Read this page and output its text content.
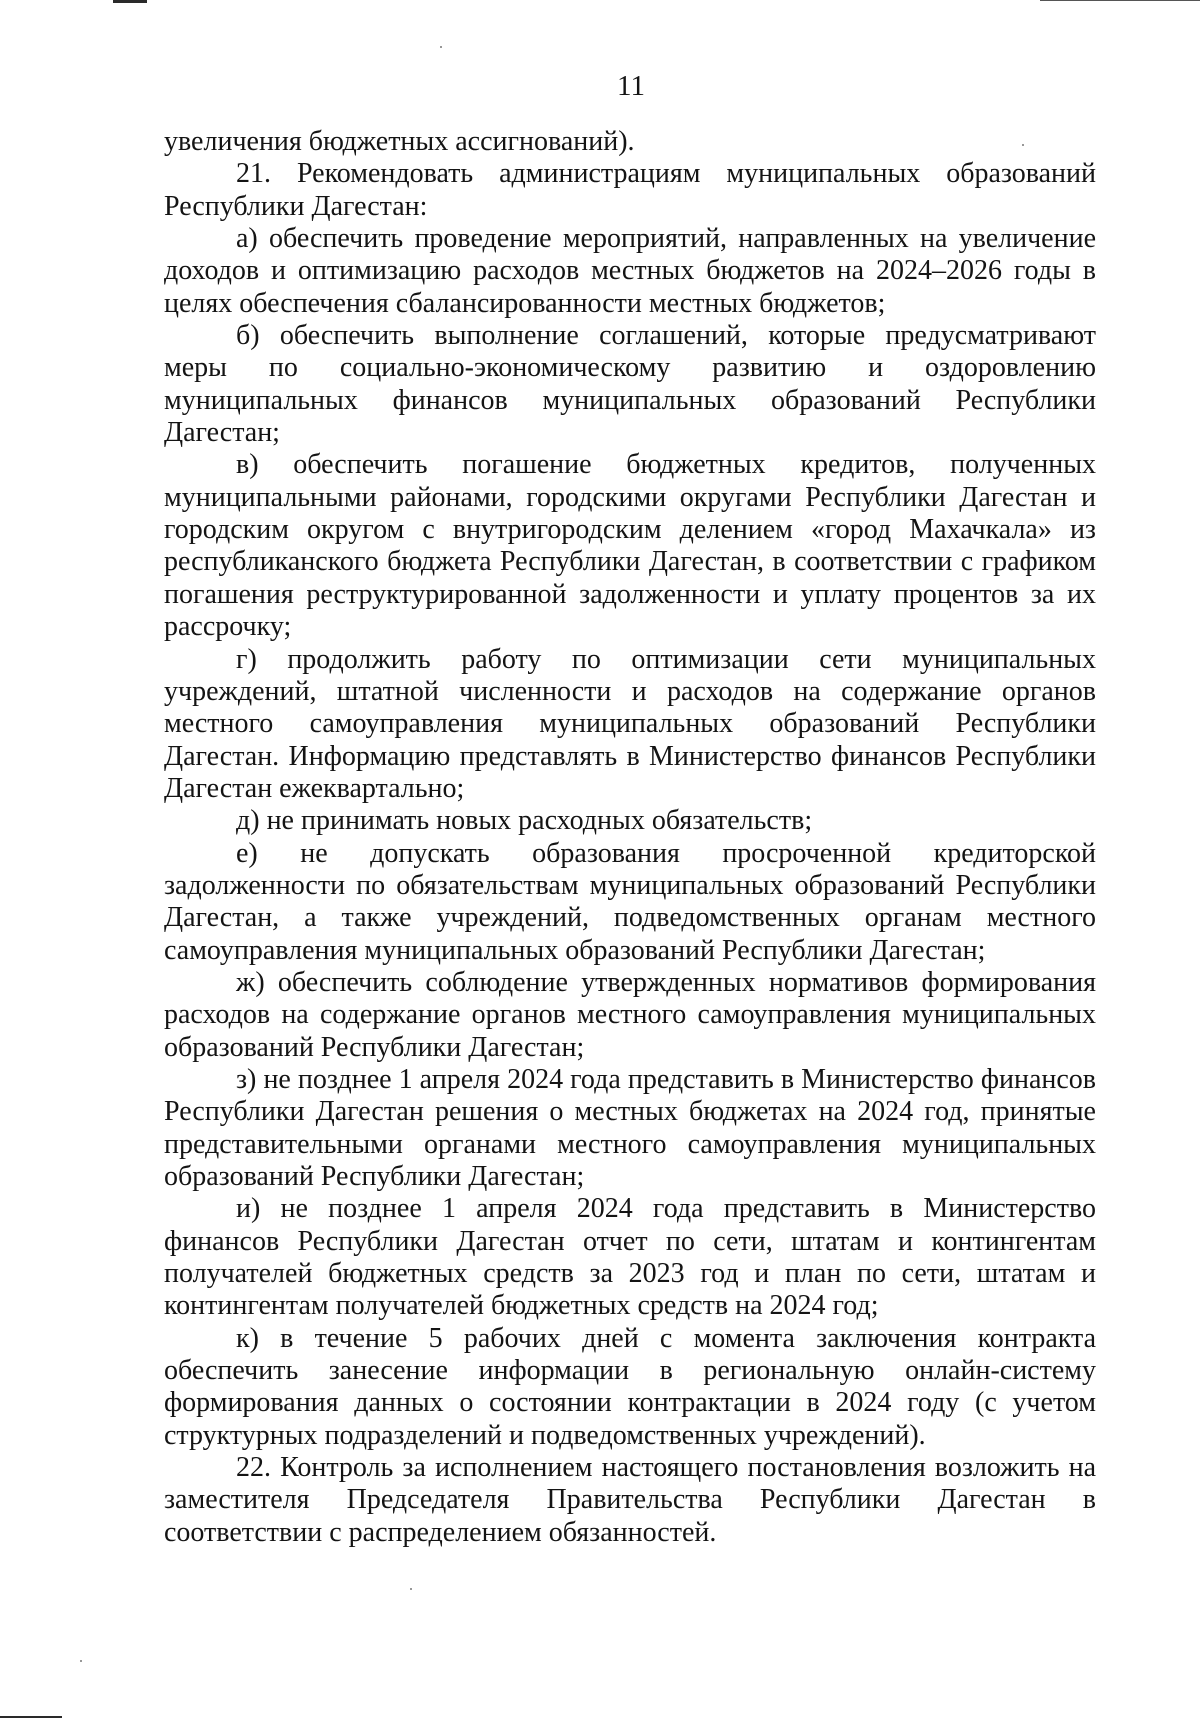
11

увеличения бюджетных ассигнований).

21. Рекомендовать администрациям муниципальных образований Республики Дагестан:

а) обеспечить проведение мероприятий, направленных на увеличение доходов и оптимизацию расходов местных бюджетов на 2024–2026 годы в целях обеспечения сбалансированности местных бюджетов;

б) обеспечить выполнение соглашений, которые предусматривают меры по социально-экономическому развитию и оздоровлению муниципальных финансов муниципальных образований Республики Дагестан;

в) обеспечить погашение бюджетных кредитов, полученных муниципальными районами, городскими округами Республики Дагестан и городским округом с внутригородским делением «город Махачкала» из республиканского бюджета Республики Дагестан, в соответствии с графиком погашения реструктурированной задолженности и уплату процентов за их рассрочку;

г) продолжить работу по оптимизации сети муниципальных учреждений, штатной численности и расходов на содержание органов местного самоуправления муниципальных образований Республики Дагестан. Информацию представлять в Министерство финансов Республики Дагестан ежеквартально;

д) не принимать новых расходных обязательств;

е) не допускать образования просроченной кредиторской задолженности по обязательствам муниципальных образований Республики Дагестан, а также учреждений, подведомственных органам местного самоуправления муниципальных образований Республики Дагестан;

ж) обеспечить соблюдение утвержденных нормативов формирования расходов на содержание органов местного самоуправления муниципальных образований Республики Дагестан;

з) не позднее 1 апреля 2024 года представить в Министерство финансов Республики Дагестан решения о местных бюджетах на 2024 год, принятые представительными органами местного самоуправления муниципальных образований Республики Дагестан;

и) не позднее 1 апреля 2024 года представить в Министерство финансов Республики Дагестан отчет по сети, штатам и контингентам получателей бюджетных средств за 2023 год и план по сети, штатам и контингентам получателей бюджетных средств на 2024 год;

к) в течение 5 рабочих дней с момента заключения контракта обеспечить занесение информации в региональную онлайн-систему формирования данных о состоянии контрактации в 2024 году (с учетом структурных подразделений и подведомственных учреждений).

22. Контроль за исполнением настоящего постановления возложить на заместителя Председателя Правительства Республики Дагестан в соответствии с распределением обязанностей.
